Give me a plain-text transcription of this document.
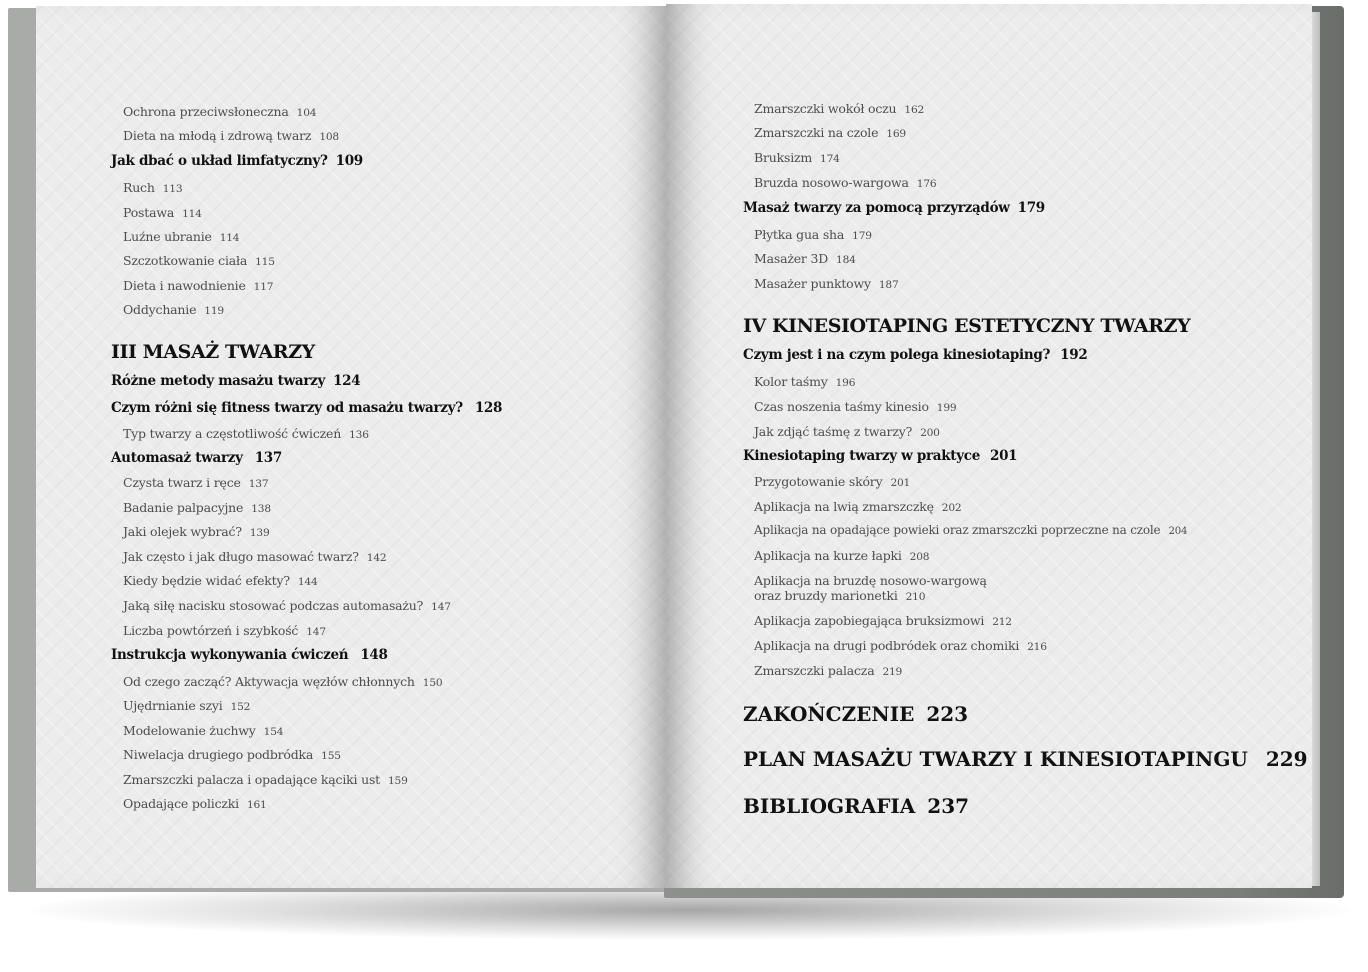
Ochrona przeciwsłoneczna 104
Dieta na młodą i zdrową twarz 108
Jak dbać o układ limfatyczny? 109
Ruch 113
Postawa 114
Luźne ubranie 114
Szczotkowanie ciała 115
Dieta i nawodnienie 117
Oddychanie 119
III MASAŻ TWARZY
Różne metody masażu twarzy 124
Czym różni się fitness twarzy od masażu twarzy? 128
Typ twarzy a częstotliwość ćwiczeń 136
Automasaż twarzy 137
Czysta twarz i ręce 137
Badanie palpacyjne 138
Jaki olejek wybrać? 139
Jak często i jak długo masować twarz? 142
Kiedy będzie widać efekty? 144
Jaką siłę nacisku stosować podczas automasażu? 147
Liczba powtórzeń i szybkość 147
Instrukcja wykonywania ćwiczeń 148
Od czego zacząć? Aktywacja węzłów chłonnych 150
Ujędrnianie szyi 152
Modelowanie żuchwy 154
Niwelacja drugiego podbródka 155
Zmarszczki palacza i opadające kąciki ust 159
Opadające policzki 161
Zmarszczki wokół oczu 162
Zmarszczki na czole 169
Bruksizm 174
Bruzda nosowo-wargowa 176
Masaż twarzy za pomocą przyrządów 179
Płytka gua sha 179
Masażer 3D 184
Masażer punktowy 187
IV KINESIOTAPING ESTETYCZNY TWARZY
Czym jest i na czym polega kinesiotaping? 192
Kolor taśmy 196
Czas noszenia taśmy kinesio 199
Jak zdjąć taśmę z twarzy? 200
Kinesiotaping twarzy w praktyce 201
Przygotowanie skóry 201
Aplikacja na lwią zmarszczkę 202
Aplikacja na opadające powieki oraz zmarszczki poprzeczne na czole 204
Aplikacja na kurze łapki 208
Aplikacja na bruzdę nosowo-wargową
oraz bruzdy marionetki 210
Aplikacja zapobiegająca bruksizmowi 212
Aplikacja na drugi podbródek oraz chomiki 216
Zmarszczki palacza 219
ZAKOŃCZENIE 223
PLAN MASAŻU TWARZY I KINESIOTAPINGU 229
BIBLIOGRAFIA 237
